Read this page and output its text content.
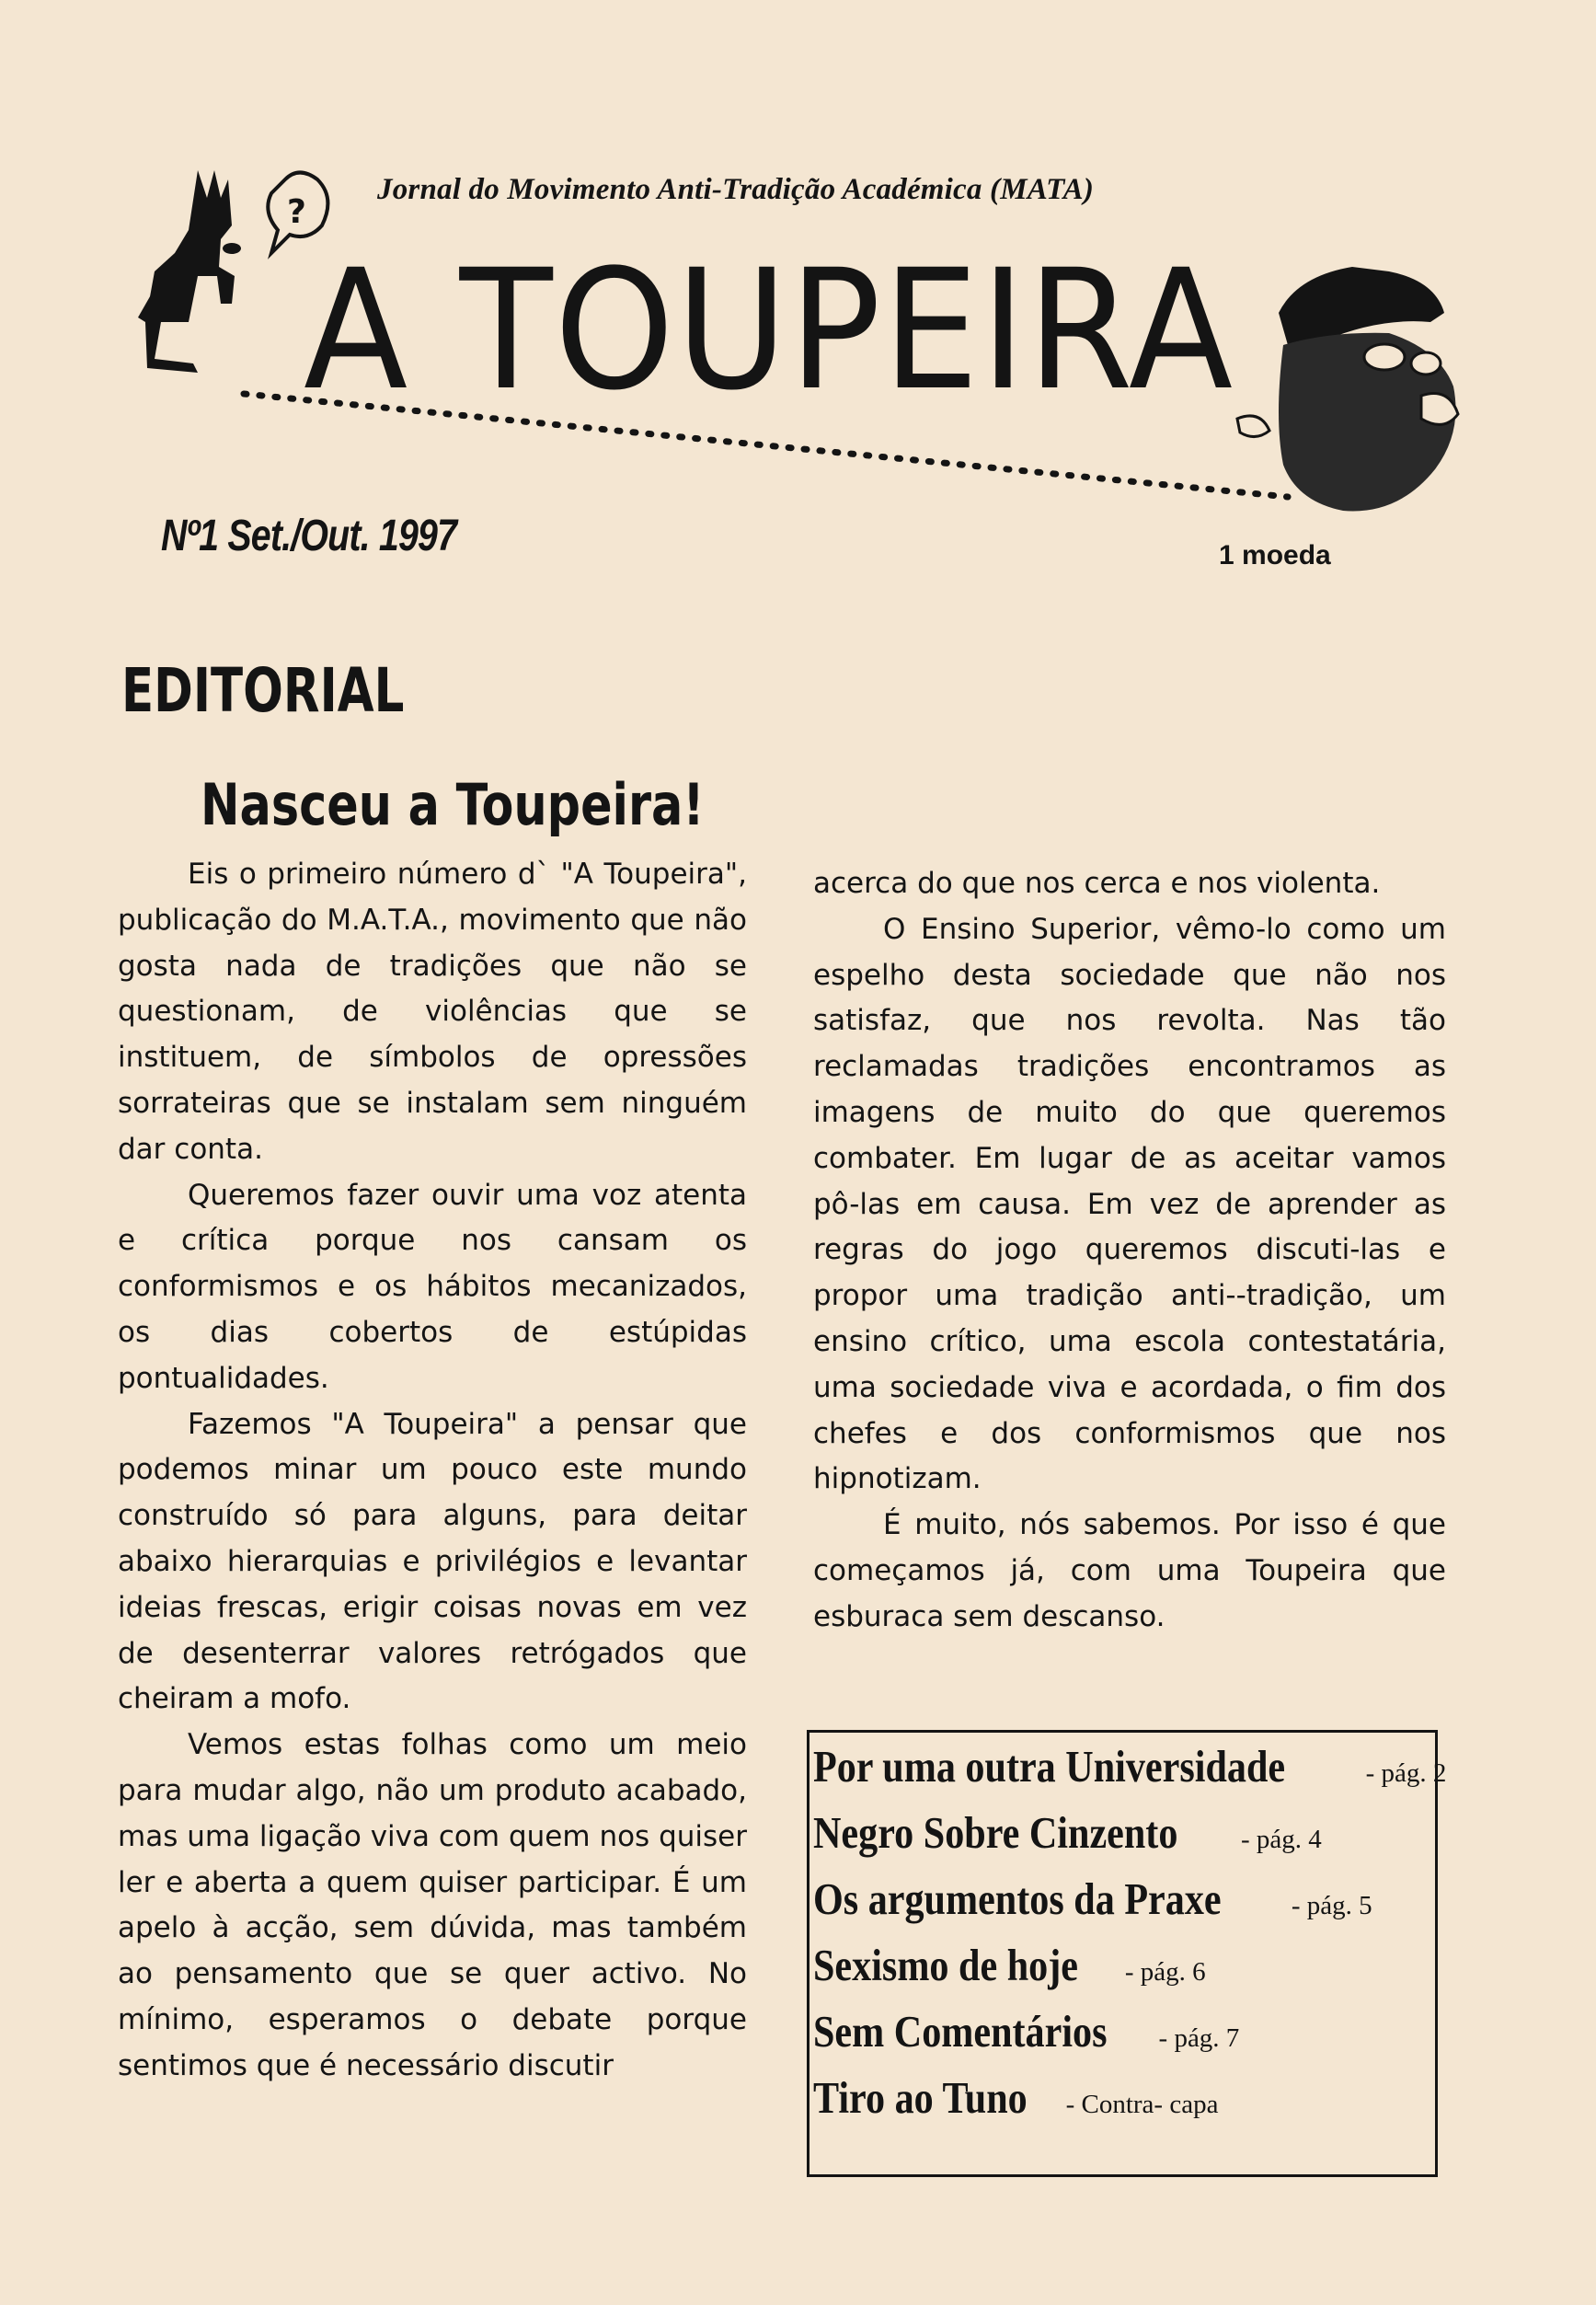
Jornal do Movimento Anti-Tradição Académica (MATA)
?
A TOUPEIRA
Nº1 Set./Out. 1997	1 moeda
EDITORIAL
Nasceu a Toupeira!

Eis o primeiro número d` "A Toupeira", publicação do M.A.T.A., movimento que não gosta nada de tradições que não se questionam, de violências que se instituem, de símbolos de opressões sorrateiras que se instalam sem ninguém dar conta.

Queremos fazer ouvir uma voz atenta e crítica porque nos cansam os conformismos e os hábitos mecanizados, os dias cobertos de estúpidas pontualidades.

Fazemos "A Toupeira" a pensar que podemos minar um pouco este mundo construído só para alguns, para deitar abaixo hierarquias e privilégios e levantar ideias frescas, erigir coisas novas em vez de desenterrar valores retrógados que cheiram a mofo.

Vemos estas folhas como um meio para mudar algo, não um produto acabado, mas uma ligação viva com quem nos quiser ler e aberta a quem quiser participar. É um apelo à acção, sem dúvida, mas também ao pensamento que se quer activo. No mínimo, esperamos o debate porque sentimos que é necessário discutir

acerca do que nos cerca e nos violenta.

O Ensino Superior, vêmo-lo como um espelho desta sociedade que não nos satisfaz, que nos revolta. Nas tão reclamadas tradições encontramos as imagens de muito do que queremos combater. Em lugar de as aceitar vamos pô-las em causa. Em vez de aprender as regras do jogo queremos discuti-las e propor uma tradição anti--tradição, um ensino crítico, uma escola contestatária, uma sociedade viva e acordada, o fim dos chefes e dos conformismos que nos hipnotizam.

É muito, nós sabemos. Por isso é que começamos já, com uma Toupeira que esburaca sem descanso.

Por uma outra Universidade	- pág. 2
Negro Sobre Cinzento - pág. 4
Os argumentos da Praxe	- pág. 5
Sexismo de hoje - pág. 6
Sem Comentários - pág. 7
Tiro ao Tuno - Contra- capa
